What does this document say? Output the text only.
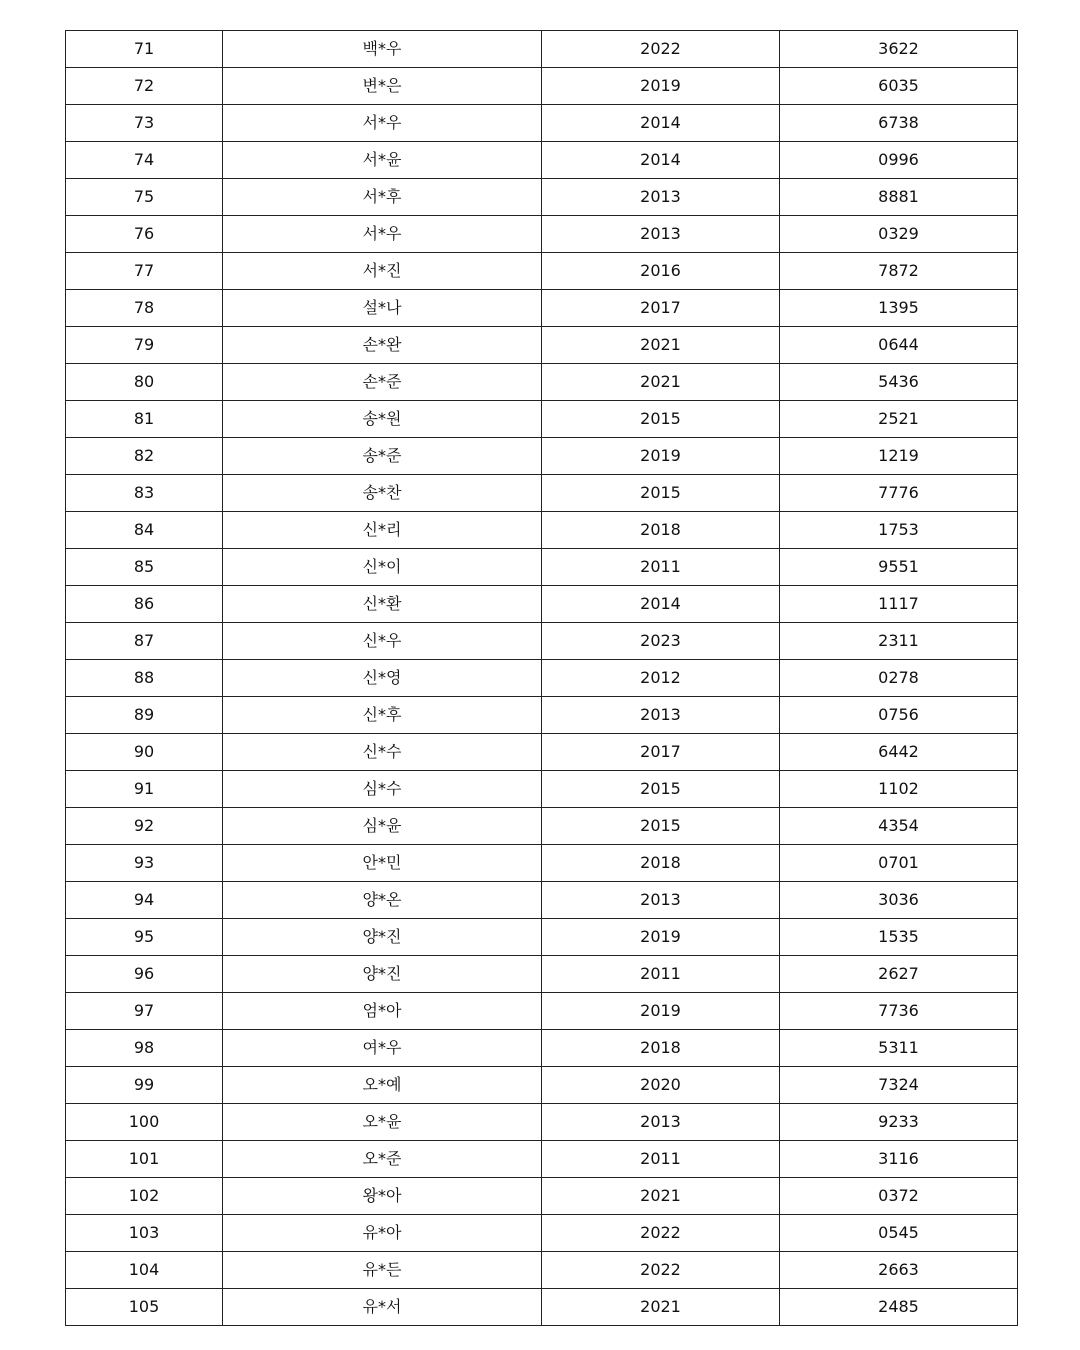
71	백*우	2022	3622
72	변*은	2019	6035
73	서*우	2014	6738
74	서*윤	2014	0996
75	서*후	2013	8881
76	서*우	2013	0329
77	서*진	2016	7872
78	설*나	2017	1395
79	손*완	2021	0644
80	손*준	2021	5436
81	송*원	2015	2521
82	송*준	2019	1219
83	송*찬	2015	7776
84	신*리	2018	1753
85	신*이	2011	9551
86	신*환	2014	1117
87	신*우	2023	2311
88	신*영	2012	0278
89	신*후	2013	0756
90	신*수	2017	6442
91	심*수	2015	1102
92	심*윤	2015	4354
93	안*민	2018	0701
94	양*온	2013	3036
95	양*진	2019	1535
96	양*진	2011	2627
97	엄*아	2019	7736
98	여*우	2018	5311
99	오*예	2020	7324
100	오*윤	2013	9233
101	오*준	2011	3116
102	왕*아	2021	0372
103	유*아	2022	0545
104	유*든	2022	2663
105	유*서	2021	2485
